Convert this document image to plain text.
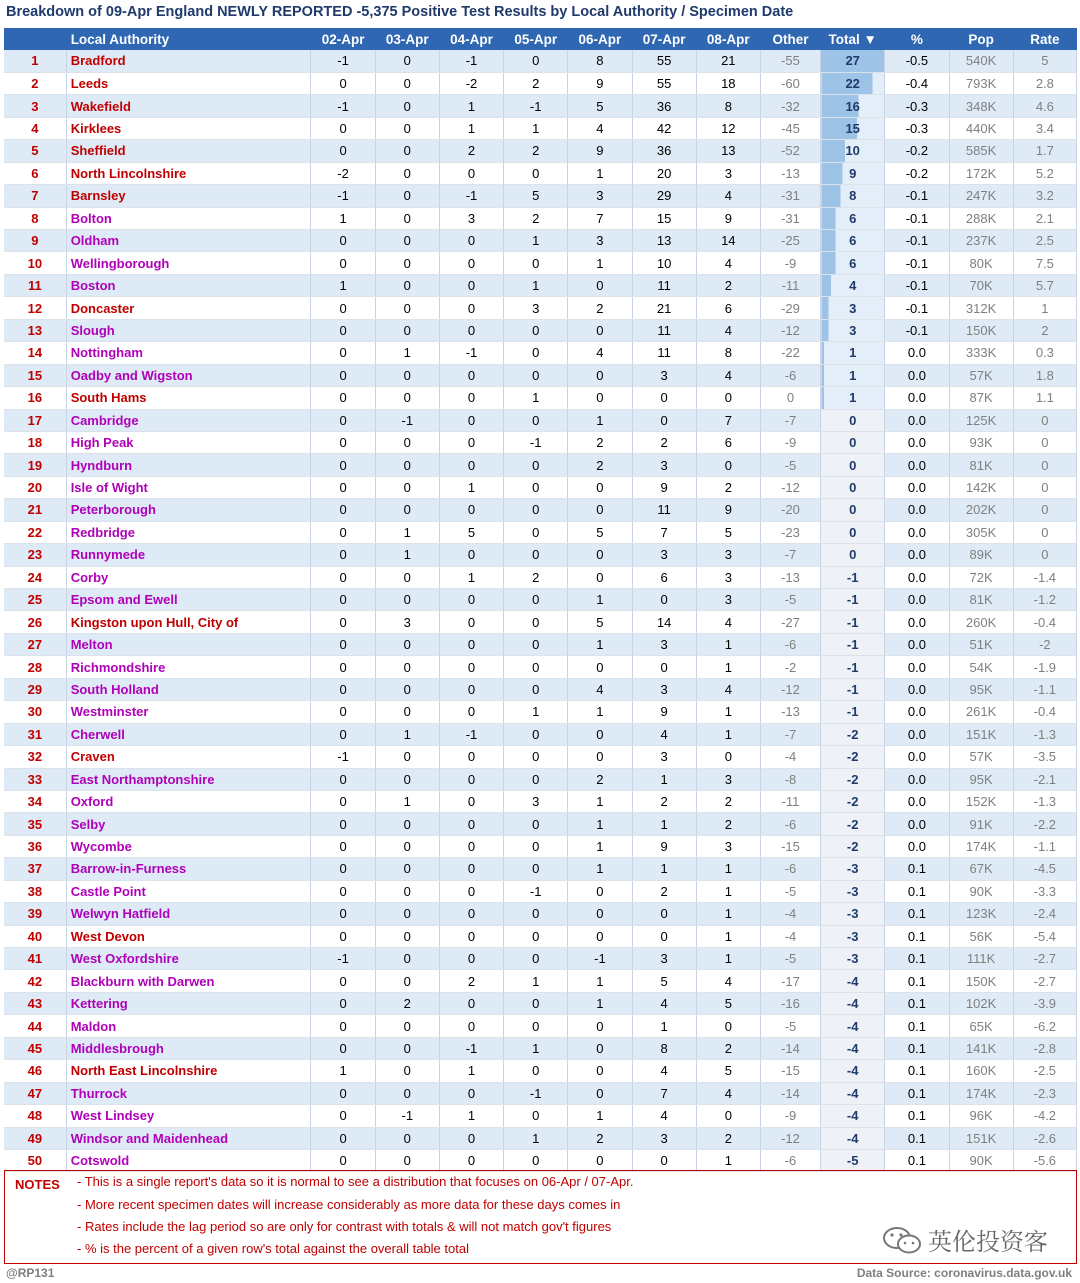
Breakdown of 09-Apr England NEWLY REPORTED -5,375 Positive Test Results by Local Authority / Specimen Date
	Local Authority	02-Apr	03-Apr	04-Apr	05-Apr	06-Apr	07-Apr	08-Apr	Other	Total ▼	%	Pop	Rate
1	Bradford	-1	0	-1	0	8	55	21	-55	27	-0.5	540K	5
2	Leeds	0	0	-2	2	9	55	18	-60	22	-0.4	793K	2.8
3	Wakefield	-1	0	1	-1	5	36	8	-32	16	-0.3	348K	4.6
4	Kirklees	0	0	1	1	4	42	12	-45	15	-0.3	440K	3.4
5	Sheffield	0	0	2	2	9	36	13	-52	10	-0.2	585K	1.7
6	North Lincolnshire	-2	0	0	0	1	20	3	-13	9	-0.2	172K	5.2
7	Barnsley	-1	0	-1	5	3	29	4	-31	8	-0.1	247K	3.2
8	Bolton	1	0	3	2	7	15	9	-31	6	-0.1	288K	2.1
9	Oldham	0	0	0	1	3	13	14	-25	6	-0.1	237K	2.5
10	Wellingborough	0	0	0	0	1	10	4	-9	6	-0.1	80K	7.5
11	Boston	1	0	0	1	0	11	2	-11	4	-0.1	70K	5.7
12	Doncaster	0	0	0	3	2	21	6	-29	3	-0.1	312K	1
13	Slough	0	0	0	0	0	11	4	-12	3	-0.1	150K	2
14	Nottingham	0	1	-1	0	4	11	8	-22	1	0.0	333K	0.3
15	Oadby and Wigston	0	0	0	0	0	3	4	-6	1	0.0	57K	1.8
16	South Hams	0	0	0	1	0	0	0	0	1	0.0	87K	1.1
17	Cambridge	0	-1	0	0	1	0	7	-7	0	0.0	125K	0
18	High Peak	0	0	0	-1	2	2	6	-9	0	0.0	93K	0
19	Hyndburn	0	0	0	0	2	3	0	-5	0	0.0	81K	0
20	Isle of Wight	0	0	1	0	0	9	2	-12	0	0.0	142K	0
21	Peterborough	0	0	0	0	0	11	9	-20	0	0.0	202K	0
22	Redbridge	0	1	5	0	5	7	5	-23	0	0.0	305K	0
23	Runnymede	0	1	0	0	0	3	3	-7	0	0.0	89K	0
24	Corby	0	0	1	2	0	6	3	-13	-1	0.0	72K	-1.4
25	Epsom and Ewell	0	0	0	0	1	0	3	-5	-1	0.0	81K	-1.2
26	Kingston upon Hull, City of	0	3	0	0	5	14	4	-27	-1	0.0	260K	-0.4
27	Melton	0	0	0	0	1	3	1	-6	-1	0.0	51K	-2
28	Richmondshire	0	0	0	0	0	0	1	-2	-1	0.0	54K	-1.9
29	South Holland	0	0	0	0	4	3	4	-12	-1	0.0	95K	-1.1
30	Westminster	0	0	0	1	1	9	1	-13	-1	0.0	261K	-0.4
31	Cherwell	0	1	-1	0	0	4	1	-7	-2	0.0	151K	-1.3
32	Craven	-1	0	0	0	0	3	0	-4	-2	0.0	57K	-3.5
33	East Northamptonshire	0	0	0	0	2	1	3	-8	-2	0.0	95K	-2.1
34	Oxford	0	1	0	3	1	2	2	-11	-2	0.0	152K	-1.3
35	Selby	0	0	0	0	1	1	2	-6	-2	0.0	91K	-2.2
36	Wycombe	0	0	0	0	1	9	3	-15	-2	0.0	174K	-1.1
37	Barrow-in-Furness	0	0	0	0	1	1	1	-6	-3	0.1	67K	-4.5
38	Castle Point	0	0	0	-1	0	2	1	-5	-3	0.1	90K	-3.3
39	Welwyn Hatfield	0	0	0	0	0	0	1	-4	-3	0.1	123K	-2.4
40	West Devon	0	0	0	0	0	0	1	-4	-3	0.1	56K	-5.4
41	West Oxfordshire	-1	0	0	0	-1	3	1	-5	-3	0.1	111K	-2.7
42	Blackburn with Darwen	0	0	2	1	1	5	4	-17	-4	0.1	150K	-2.7
43	Kettering	0	2	0	0	1	4	5	-16	-4	0.1	102K	-3.9
44	Maldon	0	0	0	0	0	1	0	-5	-4	0.1	65K	-6.2
45	Middlesbrough	0	0	-1	1	0	8	2	-14	-4	0.1	141K	-2.8
46	North East Lincolnshire	1	0	1	0	0	4	5	-15	-4	0.1	160K	-2.5
47	Thurrock	0	0	0	-1	0	7	4	-14	-4	0.1	174K	-2.3
48	West Lindsey	0	-1	1	0	1	4	0	-9	-4	0.1	96K	-4.2
49	Windsor and Maidenhead	0	0	0	1	2	3	2	-12	-4	0.1	151K	-2.6
50	Cotswold	0	0	0	0	0	0	1	-6	-5	0.1	90K	-5.6
NOTES - This is a single report's data so it is normal to see a distribution that focuses on 06-Apr / 07-Apr.
- More recent specimen dates will increase considerably as more data for these days comes in
- Rates include the lag period so are only for contrast with totals & will not match gov't figures
- % is the percent of a given row's total against the overall table total	英伦投资客
@RP131	Data Source: coronavirus.data.gov.uk
